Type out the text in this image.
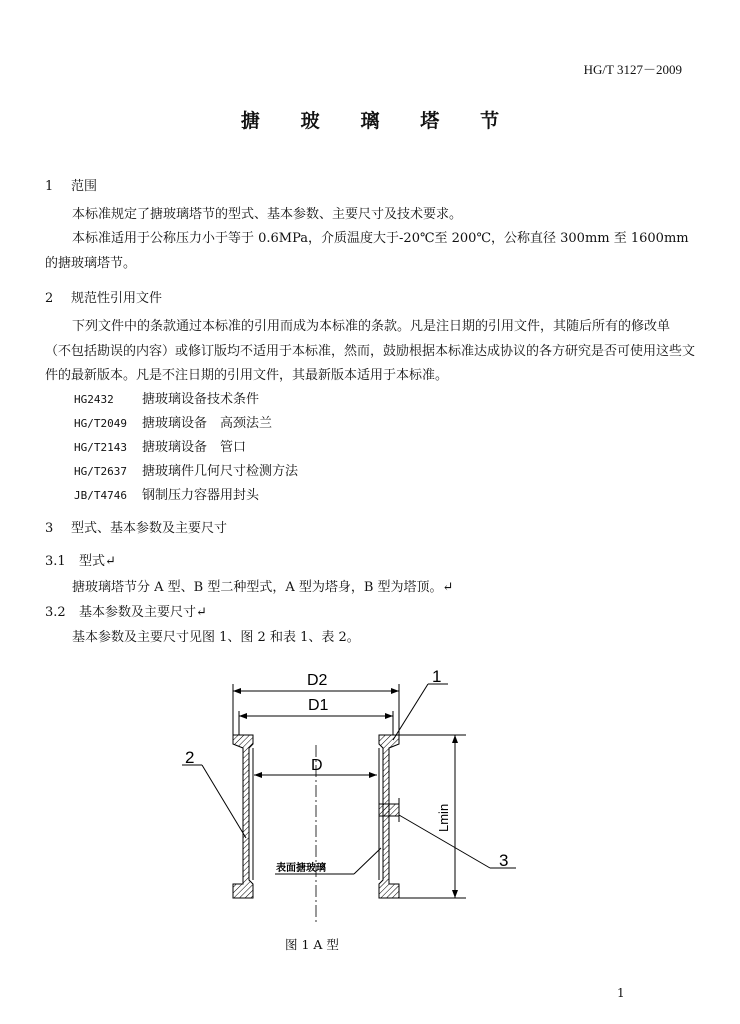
HG/T 3127－2009
搪 玻 璃 塔 节
1 范围
本标准规定了搪玻璃塔节的型式、基本参数、主要尺寸及技术要求。
本标准适用于公称压力小于等于 0.6MPa，介质温度大于-20℃至 200℃，公称直径 300mm 至 1600mm 的搪玻璃塔节。
2 规范性引用文件
下列文件中的条款通过本标准的引用而成为本标准的条款。凡是注日期的引用文件，其随后所有的修改单（不包括勘误的内容）或修订版均不适用于本标准，然而，鼓励根据本标准达成协议的各方研究是否可使用这些文件的最新版本。凡是不注日期的引用文件，其最新版本适用于本标准。
HG2432 搪玻璃设备技术条件
HG/T2049 搪玻璃设备　高颈法兰
HG/T2143 搪玻璃设备　管口
HG/T2637 搪玻璃件几何尺寸检测方法
JB/T4746 钢制压力容器用封头
3 型式、基本参数及主要尺寸
3.1 型式↵
搪玻璃塔节分 A 型、B 型二种型式，A 型为塔身，B 型为塔顶。↵
3.2 基本参数及主要尺寸↵
基本参数及主要尺寸见图 1、图 2 和表 1、表 2。
D2
D1
D
Lmin
1
2
3
表面搪玻璃
图 1 A 型
1
